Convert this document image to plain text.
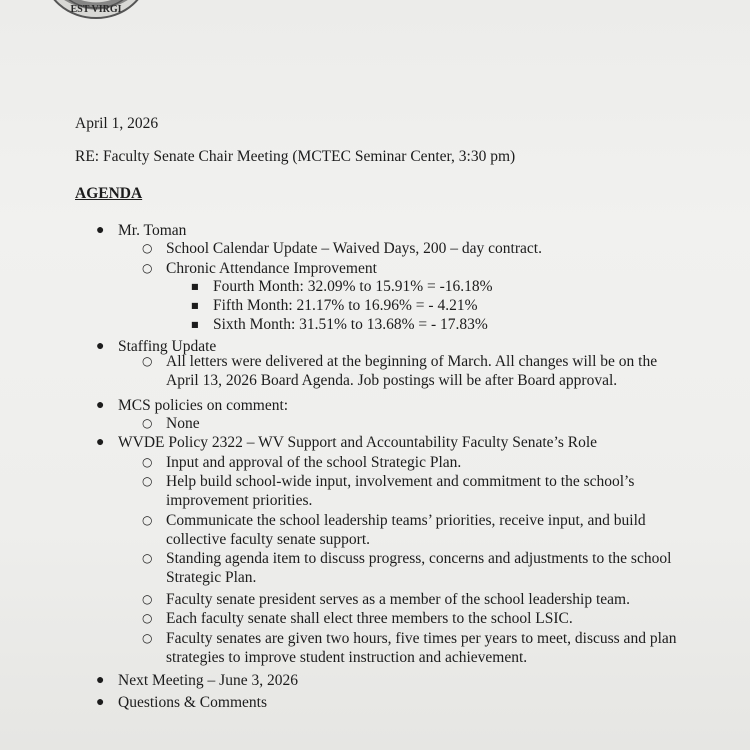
EST VIRGI
April 1, 2026
RE: Faculty Senate Chair Meeting (MCTEC Seminar Center, 3:30 pm)
AGENDA
● Mr. Toman
○ School Calendar Update – Waived Days, 200 – day contract.
○ Chronic Attendance Improvement
■ Fourth Month: 32.09% to 15.91% = -16.18%
■ Fifth Month: 21.17% to 16.96% = - 4.21%
■ Sixth Month: 31.51% to 13.68% = - 17.83%
● Staffing Update
○ All letters were delivered at the beginning of March. All changes will be on the April 13, 2026 Board Agenda. Job postings will be after Board approval.
● MCS policies on comment:
○ None
● WVDE Policy 2322 – WV Support and Accountability Faculty Senate’s Role
○ Input and approval of the school Strategic Plan.
○ Help build school-wide input, involvement and commitment to the school’s improvement priorities.
○ Communicate the school leadership teams’ priorities, receive input, and build collective faculty senate support.
○ Standing agenda item to discuss progress, concerns and adjustments to the school Strategic Plan.
○ Faculty senate president serves as a member of the school leadership team.
○ Each faculty senate shall elect three members to the school LSIC.
○ Faculty senates are given two hours, five times per years to meet, discuss and plan strategies to improve student instruction and achievement.
● Next Meeting – June 3, 2026
● Questions & Comments
